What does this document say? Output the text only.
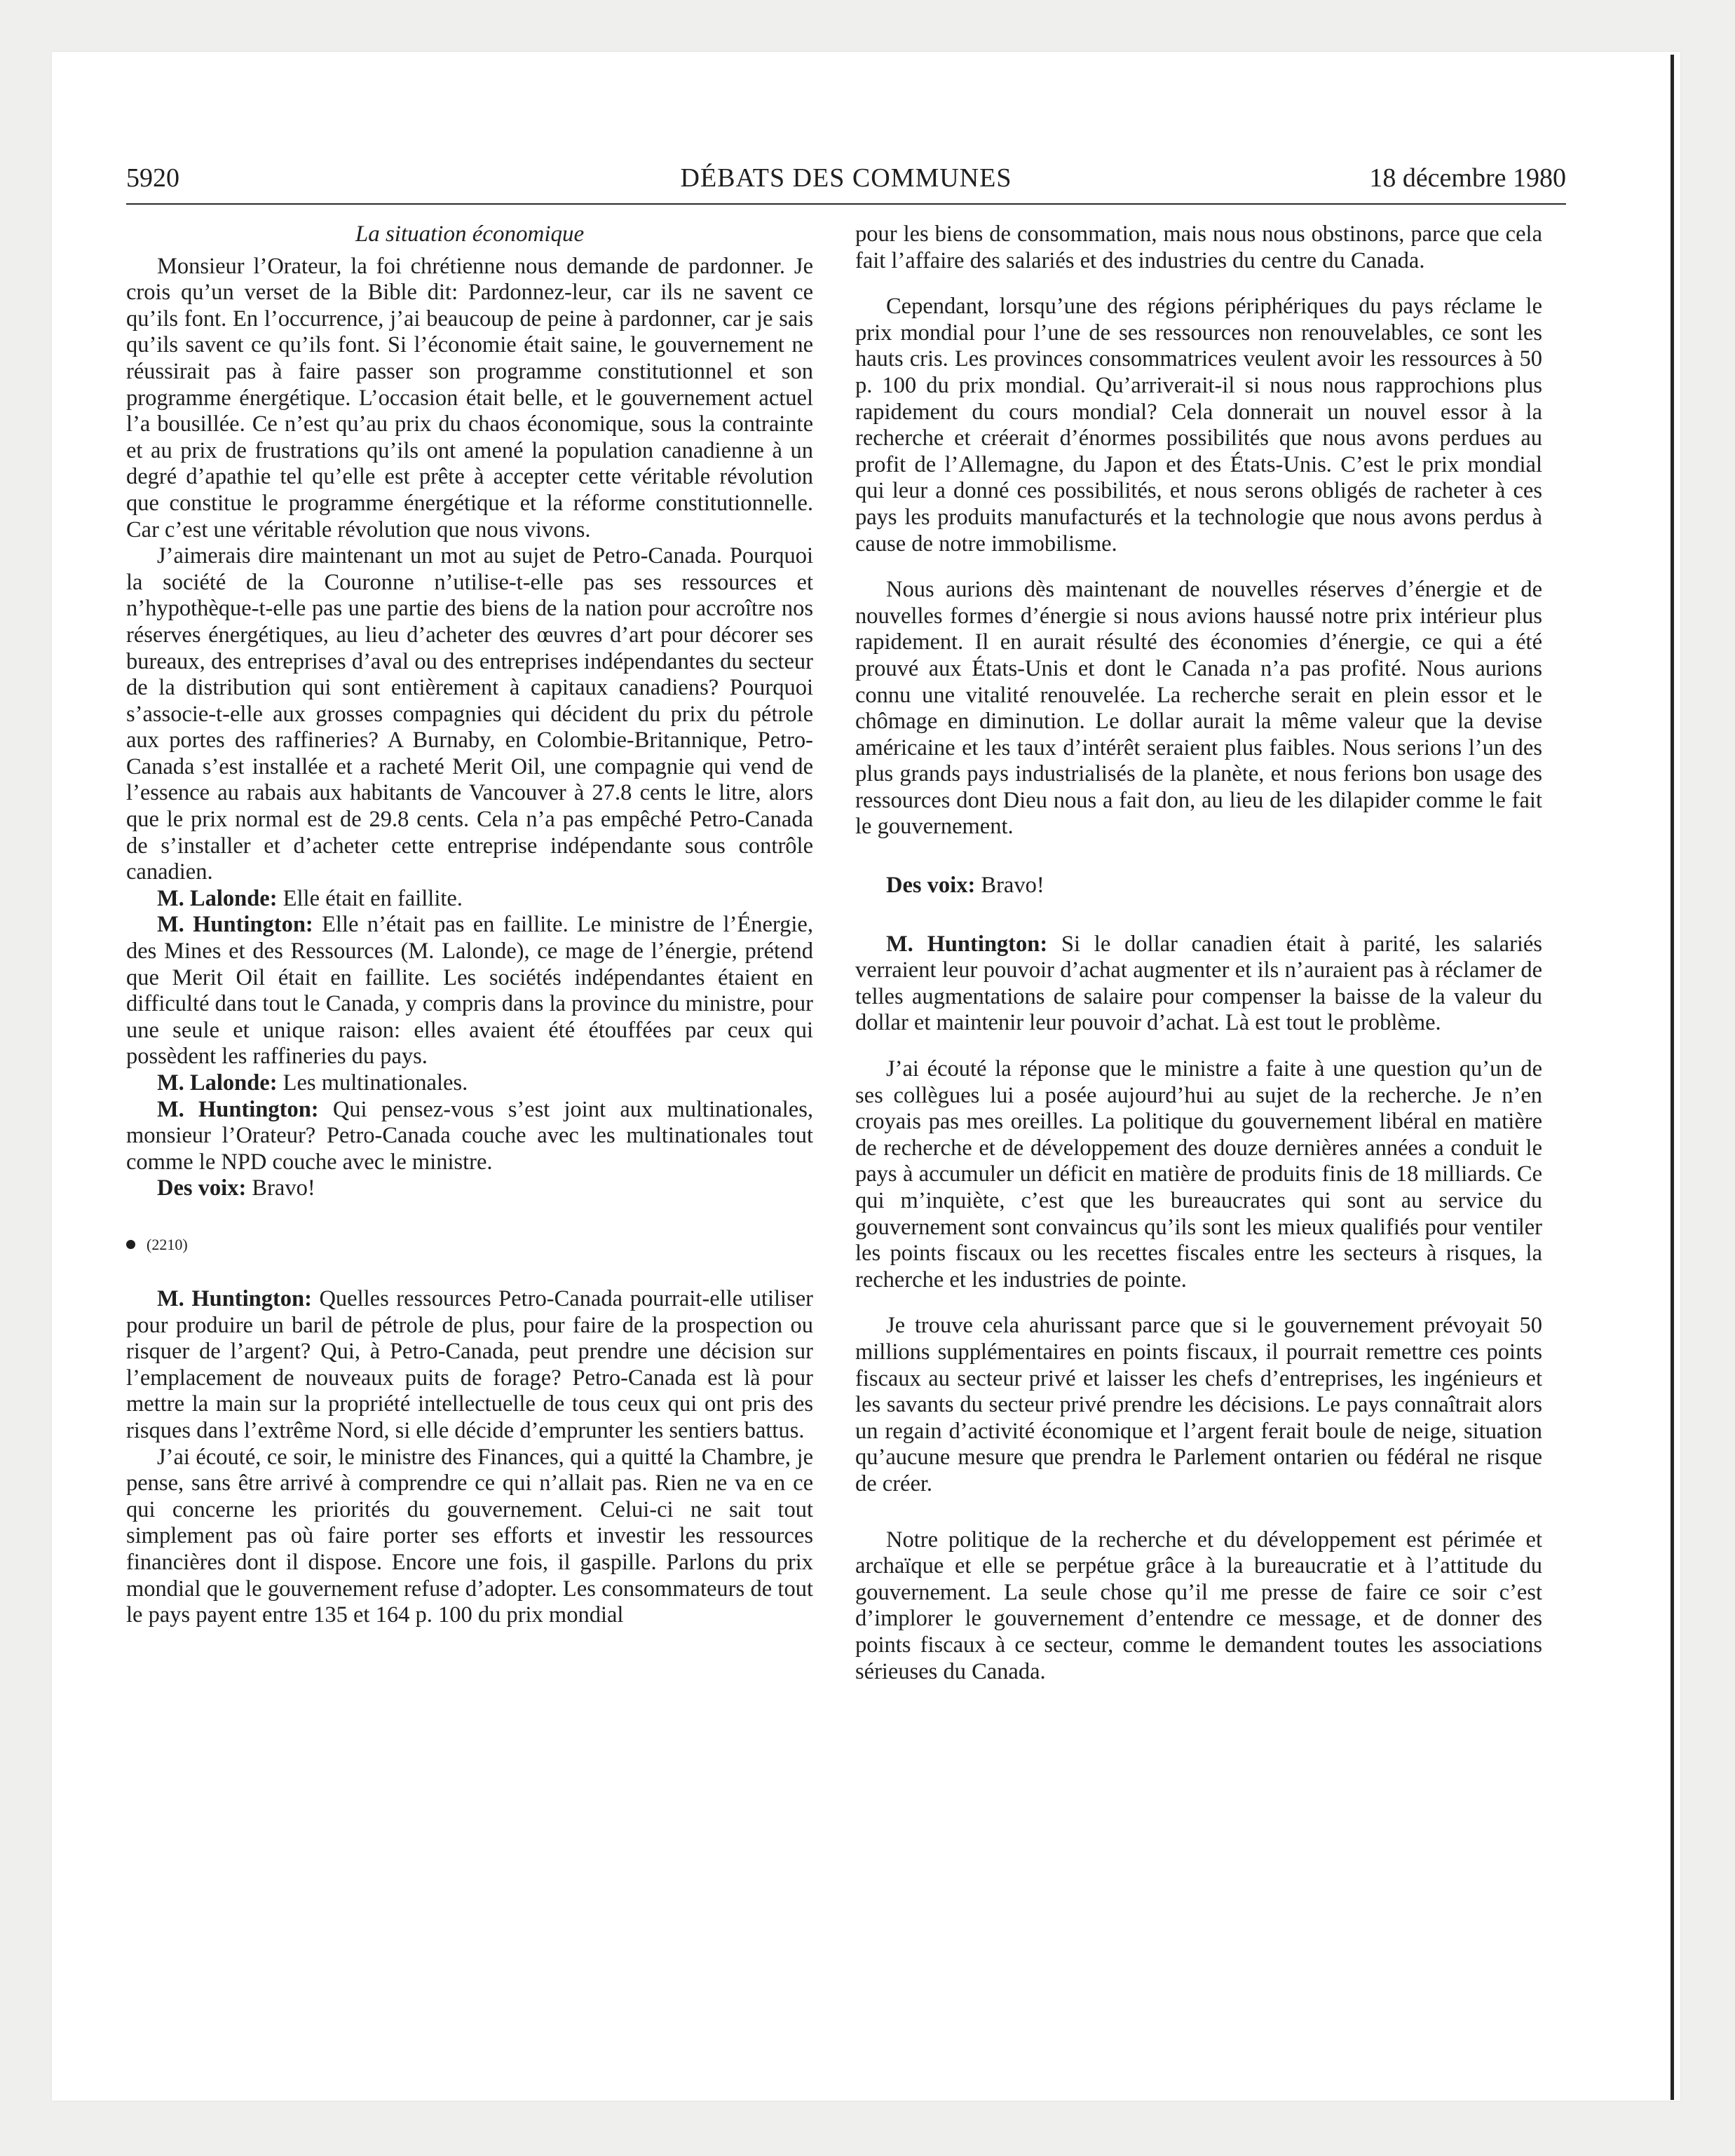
5920	DÉBATS DES COMMUNES	18 décembre 1980
La situation économique

Monsieur l’Orateur, la foi chrétienne nous demande de pardonner. Je crois qu’un verset de la Bible dit: Pardonnez-leur, car ils ne savent ce qu’ils font. En l’occurrence, j’ai beaucoup de peine à pardonner, car je sais qu’ils savent ce qu’ils font. Si l’économie était saine, le gouvernement ne réussirait pas à faire passer son programme constitutionnel et son programme énergétique. L’occasion était belle, et le gouvernement actuel l’a bousillée. Ce n’est qu’au prix du chaos économique, sous la contrainte et au prix de frustrations qu’ils ont amené la population canadienne à un degré d’apathie tel qu’elle est prête à accepter cette véritable révolution que constitue le programme énergétique et la réforme constitutionnelle. Car c’est une véritable révolution que nous vivons.

J’aimerais dire maintenant un mot au sujet de Petro-Canada. Pourquoi la société de la Couronne n’utilise-t-elle pas ses ressources et n’hypothèque-t-elle pas une partie des biens de la nation pour accroître nos réserves énergétiques, au lieu d’acheter des œuvres d’art pour décorer ses bureaux, des entreprises d’aval ou des entreprises indépendantes du secteur de la distribution qui sont entièrement à capitaux canadiens? Pourquoi s’associe-t-elle aux grosses compagnies qui décident du prix du pétrole aux portes des raffineries? A Burnaby, en Colombie-Britannique, Petro-Canada s’est installée et a racheté Merit Oil, une compagnie qui vend de l’essence au rabais aux habitants de Vancouver à 27.8 cents le litre, alors que le prix normal est de 29.8 cents. Cela n’a pas empêché Petro-Canada de s’installer et d’acheter cette entreprise indépendante sous contrôle canadien.

M. Lalonde: Elle était en faillite.

M. Huntington: Elle n’était pas en faillite. Le ministre de l’Énergie, des Mines et des Ressources (M. Lalonde), ce mage de l’énergie, prétend que Merit Oil était en faillite. Les sociétés indépendantes étaient en difficulté dans tout le Canada, y compris dans la province du ministre, pour une seule et unique raison: elles avaient été étouffées par ceux qui possèdent les raffineries du pays.

M. Lalonde: Les multinationales.

M. Huntington: Qui pensez-vous s’est joint aux multinationales, monsieur l’Orateur? Petro-Canada couche avec les multinationales tout comme le NPD couche avec le ministre.

Des voix: Bravo!

(2210)

M. Huntington: Quelles ressources Petro-Canada pourrait-elle utiliser pour produire un baril de pétrole de plus, pour faire de la prospection ou risquer de l’argent? Qui, à Petro-Canada, peut prendre une décision sur l’emplacement de nouveaux puits de forage? Petro-Canada est là pour mettre la main sur la propriété intellectuelle de tous ceux qui ont pris des risques dans l’extrême Nord, si elle décide d’emprunter les sentiers battus.

J’ai écouté, ce soir, le ministre des Finances, qui a quitté la Chambre, je pense, sans être arrivé à comprendre ce qui n’allait pas. Rien ne va en ce qui concerne les priorités du gouvernement. Celui-ci ne sait tout simplement pas où faire porter ses efforts et investir les ressources financières dont il dispose. Encore une fois, il gaspille. Parlons du prix mondial que le gouvernement refuse d’adopter. Les consommateurs de tout le pays payent entre 135 et 164 p. 100 du prix mondial

pour les biens de consommation, mais nous nous obstinons, parce que cela fait l’affaire des salariés et des industries du centre du Canada.

Cependant, lorsqu’une des régions périphériques du pays réclame le prix mondial pour l’une de ses ressources non renouvelables, ce sont les hauts cris. Les provinces consommatrices veulent avoir les ressources à 50 p. 100 du prix mondial. Qu’arriverait-il si nous nous rapprochions plus rapidement du cours mondial? Cela donnerait un nouvel essor à la recherche et créerait d’énormes possibilités que nous avons perdues au profit de l’Allemagne, du Japon et des États-Unis. C’est le prix mondial qui leur a donné ces possibilités, et nous serons obligés de racheter à ces pays les produits manufacturés et la technologie que nous avons perdus à cause de notre immobilisme.

Nous aurions dès maintenant de nouvelles réserves d’énergie et de nouvelles formes d’énergie si nous avions haussé notre prix intérieur plus rapidement. Il en aurait résulté des économies d’énergie, ce qui a été prouvé aux États-Unis et dont le Canada n’a pas profité. Nous aurions connu une vitalité renouvelée. La recherche serait en plein essor et le chômage en diminution. Le dollar aurait la même valeur que la devise américaine et les taux d’intérêt seraient plus faibles. Nous serions l’un des plus grands pays industrialisés de la planète, et nous ferions bon usage des ressources dont Dieu nous a fait don, au lieu de les dilapider comme le fait le gouvernement.

Des voix: Bravo!

M. Huntington: Si le dollar canadien était à parité, les salariés verraient leur pouvoir d’achat augmenter et ils n’auraient pas à réclamer de telles augmentations de salaire pour compenser la baisse de la valeur du dollar et maintenir leur pouvoir d’achat. Là est tout le problème.

J’ai écouté la réponse que le ministre a faite à une question qu’un de ses collègues lui a posée aujourd’hui au sujet de la recherche. Je n’en croyais pas mes oreilles. La politique du gouvernement libéral en matière de recherche et de développement des douze dernières années a conduit le pays à accumuler un déficit en matière de produits finis de 18 milliards. Ce qui m’inquiète, c’est que les bureaucrates qui sont au service du gouvernement sont convaincus qu’ils sont les mieux qualifiés pour ventiler les points fiscaux ou les recettes fiscales entre les secteurs à risques, la recherche et les industries de pointe.

Je trouve cela ahurissant parce que si le gouvernement prévoyait 50 millions supplémentaires en points fiscaux, il pourrait remettre ces points fiscaux au secteur privé et laisser les chefs d’entreprises, les ingénieurs et les savants du secteur privé prendre les décisions. Le pays connaîtrait alors un regain d’activité économique et l’argent ferait boule de neige, situation qu’aucune mesure que prendra le Parlement ontarien ou fédéral ne risque de créer.

Notre politique de la recherche et du développement est périmée et archaïque et elle se perpétue grâce à la bureaucratie et à l’attitude du gouvernement. La seule chose qu’il me presse de faire ce soir c’est d’implorer le gouvernement d’entendre ce message, et de donner des points fiscaux à ce secteur, comme le demandent toutes les associations sérieuses du Canada.
